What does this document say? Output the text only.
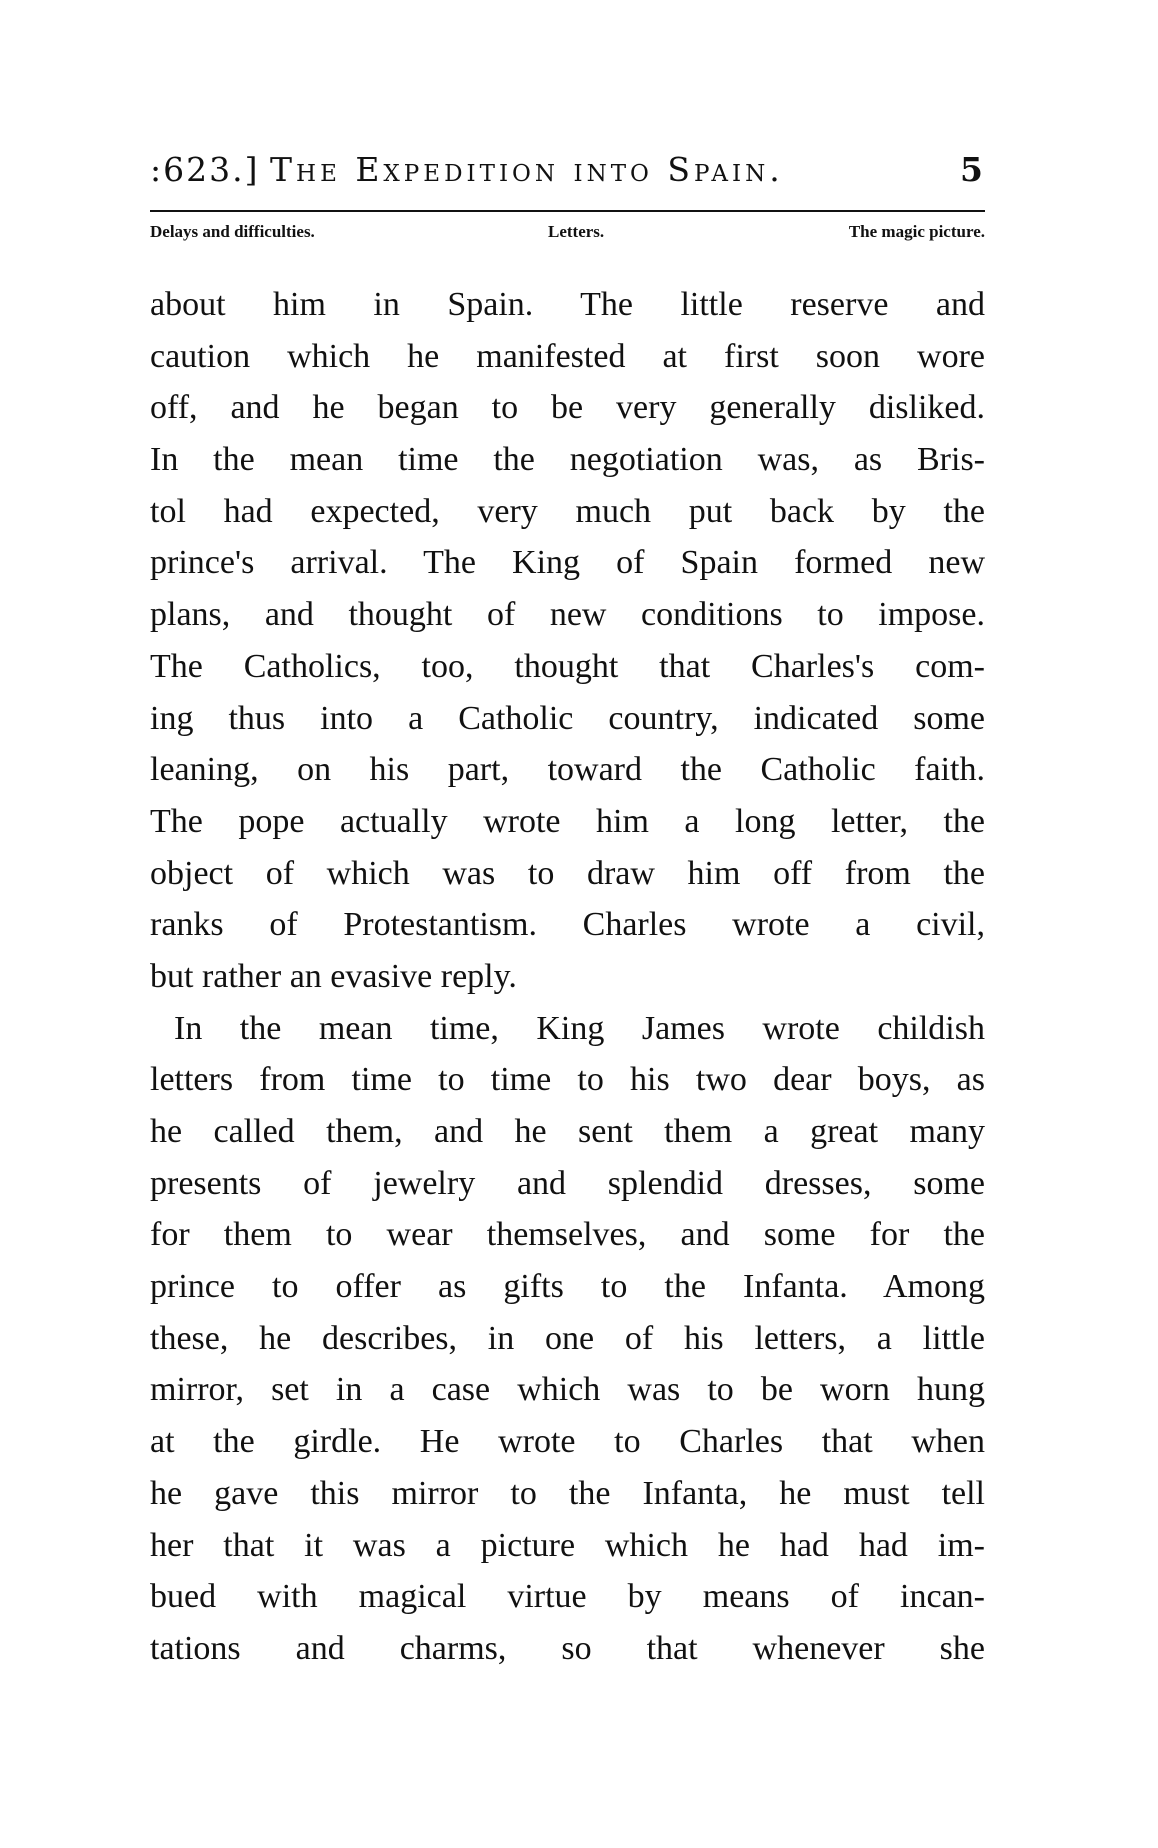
:623.] The Expedition into Spain.	5
Delays and difficulties.	Letters.	The magic picture.
about him in Spain. The little reserve and
caution which he manifested at first soon wore
off, and he began to be very generally disliked.
In the mean time the negotiation was, as Bris-
tol had expected, very much put back by the
prince's arrival. The King of Spain formed new
plans, and thought of new conditions to impose.
The Catholics, too, thought that Charles's com-
ing thus into a Catholic country, indicated some
leaning, on his part, toward the Catholic faith.
The pope actually wrote him a long letter, the
object of which was to draw him off from the
ranks of Protestantism. Charles wrote a civil,
but rather an evasive reply.
In the mean time, King James wrote childish
letters from time to time to his two dear boys, as
he called them, and he sent them a great many
presents of jewelry and splendid dresses, some
for them to wear themselves, and some for the
prince to offer as gifts to the Infanta. Among
these, he describes, in one of his letters, a little
mirror, set in a case which was to be worn hung
at the girdle. He wrote to Charles that when
he gave this mirror to the Infanta, he must tell
her that it was a picture which he had had im-
bued with magical virtue by means of incan-
tations and charms, so that whenever she
